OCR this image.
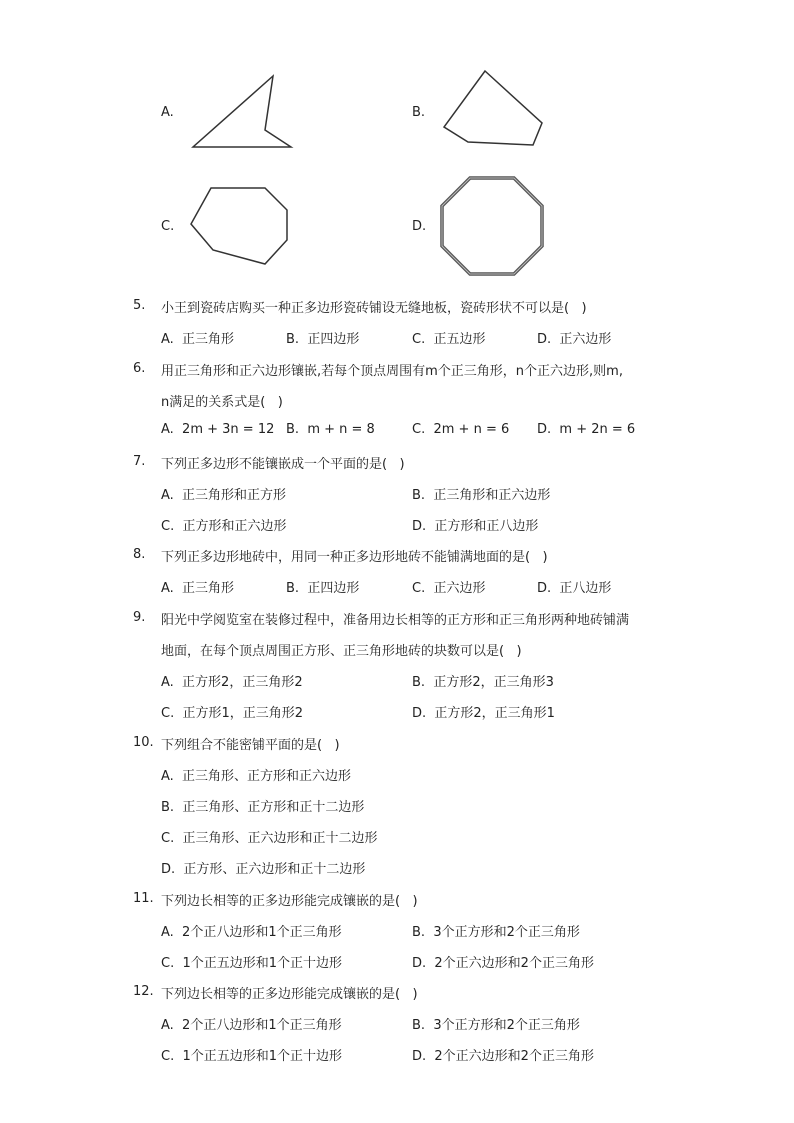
A.	B.
C.	D.
5. 小王到瓷砖店购买一种正多边形瓷砖铺设无缝地板，瓷砖形状不可以是(   )
A.  正三角形	B.  正四边形	C.  正五边形	D.  正六边形
6. 用正三角形和正六边形镶嵌,若每个顶点周围有m个正三角形，n个正六边形,则m,
n满足的关系式是(   )
A.  2m + 3n = 12 B.  m + n = 8	C.  2m + n = 6 D.  m + 2n = 6
7. 下列正多边形不能镶嵌成一个平面的是(   )
A.  正三角形和正方形	B.  正三角形和正六边形
C.  正方形和正六边形	D.  正方形和正八边形
8. 下列正多边形地砖中，用同一种正多边形地砖不能铺满地面的是(   )
A.  正三角形	B.  正四边形	C.  正六边形	D.  正八边形
9. 阳光中学阅览室在装修过程中，准备用边长相等的正方形和正三角形两种地砖铺满
地面，在每个顶点周围正方形、正三角形地砖的块数可以是(   )
A.  正方形2，正三角形2	B.  正方形2，正三角形3
C.  正方形1，正三角形2	D.  正方形2，正三角形1
10. 下列组合不能密铺平面的是(   )
A.  正三角形、正方形和正六边形
B.  正三角形、正方形和正十二边形
C.  正三角形、正六边形和正十二边形
D.  正方形、正六边形和正十二边形
11. 下列边长相等的正多边形能完成镶嵌的是(   )
A.  2个正八边形和1个正三角形	B.  3个正方形和2个正三角形
C.  1个正五边形和1个正十边形	D.  2个正六边形和2个正三角形
12. 下列边长相等的正多边形能完成镶嵌的是(   )
A.  2个正八边形和1个正三角形	B.  3个正方形和2个正三角形
C.  1个正五边形和1个正十边形	D.  2个正六边形和2个正三角形
